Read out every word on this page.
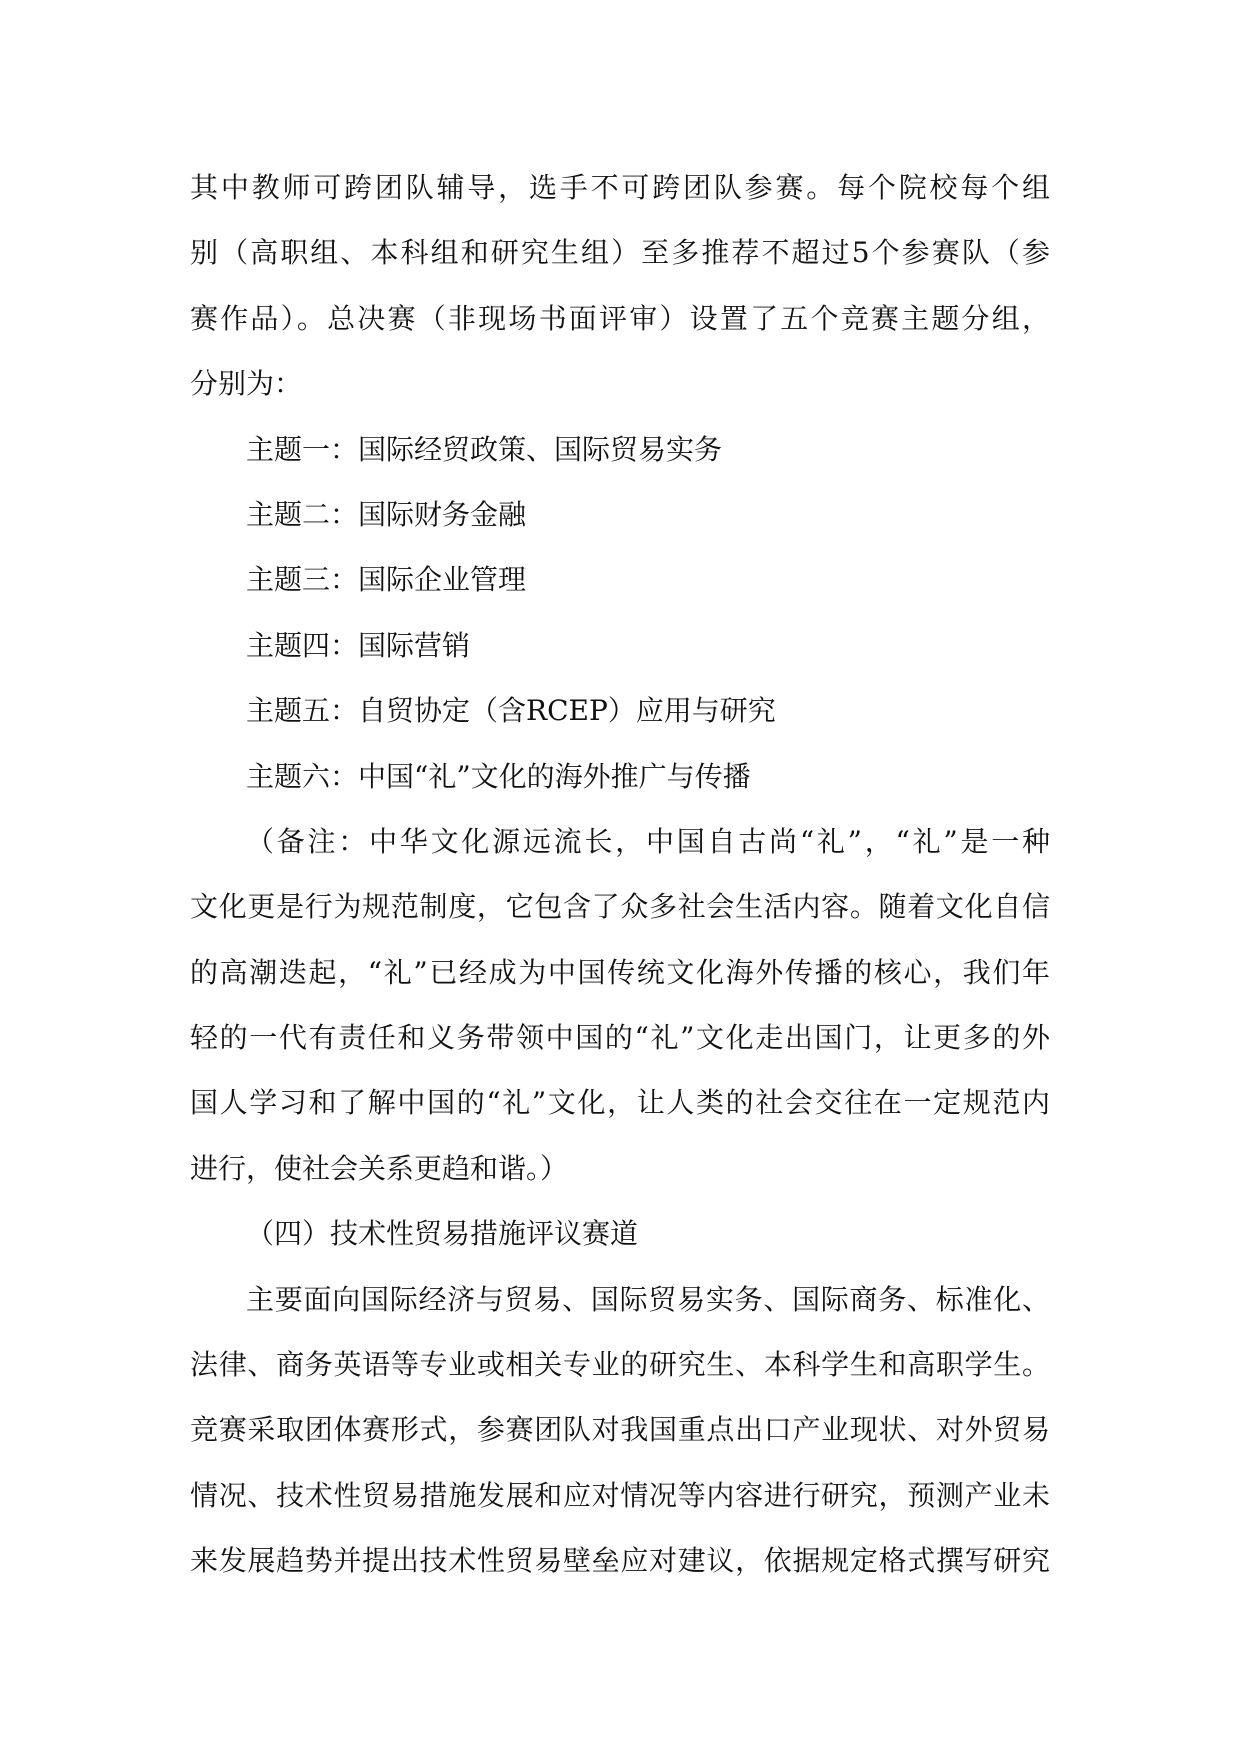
其中教师可跨团队辅导，选手不可跨团队参赛。每个院校每个组
别（高职组、本科组和研究生组）至多推荐不超过5个参赛队（参
赛作品）。总决赛（非现场书面评审）设置了五个竞赛主题分组，
分别为：
主题一：国际经贸政策、国际贸易实务
主题二：国际财务金融
主题三：国际企业管理
主题四：国际营销
主题五：自贸协定（含RCEP）应用与研究
主题六：中国“礼”文化的海外推广与传播
（备注：中华文化源远流长，中国自古尚“礼”，“礼”是一种
文化更是行为规范制度，它包含了众多社会生活内容。随着文化自信
的高潮迭起，“礼”已经成为中国传统文化海外传播的核心，我们年
轻的一代有责任和义务带领中国的“礼”文化走出国门，让更多的外
国人学习和了解中国的“礼”文化，让人类的社会交往在一定规范内
进行，使社会关系更趋和谐。）
（四）技术性贸易措施评议赛道
主要面向国际经济与贸易、国际贸易实务、国际商务、标准化、
法律、商务英语等专业或相关专业的研究生、本科学生和高职学生。
竞赛采取团体赛形式，参赛团队对我国重点出口产业现状、对外贸易
情况、技术性贸易措施发展和应对情况等内容进行研究，预测产业未
来发展趋势并提出技术性贸易壁垒应对建议，依据规定格式撰写研究
